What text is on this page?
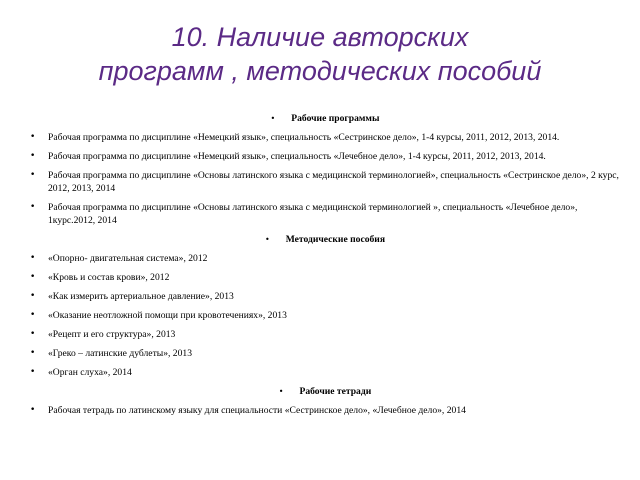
10. Наличие авторских
программ , методических пособий
• Рабочие программы
• Рабочая программа по дисциплине «Немецкий язык», специальность «Сестринское дело», 1-4 курсы, 2011, 2012, 2013, 2014.
• Рабочая программа по дисциплине «Немецкий язык», специальность «Лечебное дело», 1-4 курсы, 2011, 2012, 2013, 2014.
• Рабочая программа по дисциплине «Основы латинского языка с медицинской терминологией», специальность «Сестринское дело», 2 курс, 2012, 2013, 2014
• Рабочая программа по дисциплине «Основы латинского языка с медицинской терминологией », специальность «Лечебное дело», 1курс.2012, 2014
• Методические пособия
• «Опорно- двигательная система», 2012
• «Кровь и состав крови», 2012
• «Как измерить артериальное давление», 2013
• «Оказание неотложной помощи при кровотечениях», 2013
• «Рецепт и его структура», 2013
• «Греко – латинские дублеты», 2013
• «Орган слуха», 2014
• Рабочие тетради
• Рабочая тетрадь по латинскому языку для специальности «Сестринское дело», «Лечебное дело», 2014
